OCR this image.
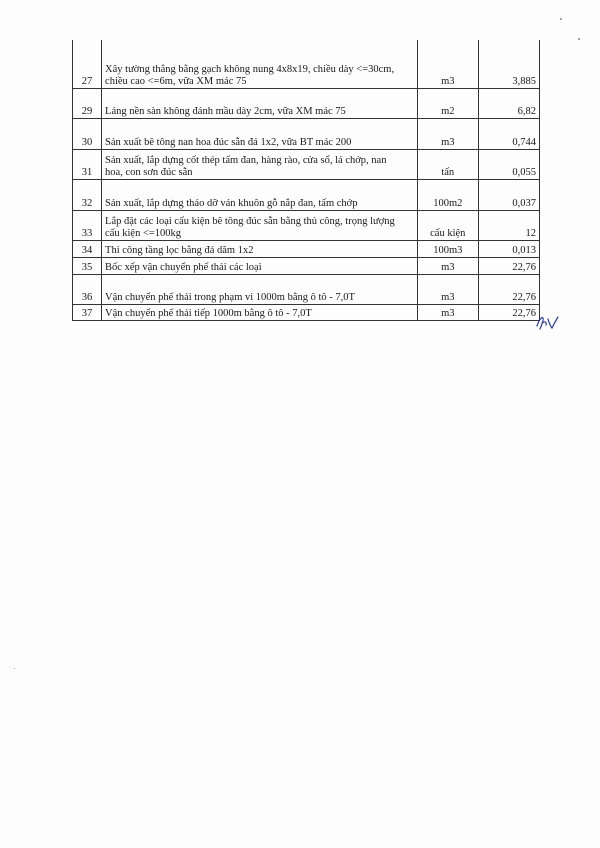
27	Xây tường thẳng bằng gạch không nung 4x8x19, chiều dày <=30cm,
chiều cao <=6m, vữa XM mác 75	m3	3,885
29	Láng nền sàn không đánh mầu dày 2cm, vữa XM mác 75	m2	6,82
30	Sản xuất bê tông nan hoa đúc sẵn đá 1x2, vữa BT mác 200	m3	0,744
31	Sản xuất, lắp dựng cốt thép tấm đan, hàng rào, cửa sổ, lá chớp, nan
hoa, con sơn đúc sẵn	tấn	0,055
32	Sản xuất, lắp dựng tháo dỡ ván khuôn gỗ nắp đan, tấm chớp	100m2	0,037
33	Lắp đặt các loại cấu kiện bê tông đúc sẵn bằng thủ công, trọng lượng
cấu kiện <=100kg	cấu kiện	12
34	Thi công tầng lọc bằng đá dăm 1x2	100m3	0,013
35	Bốc xếp vận chuyển phế thải các loại	m3	22,76
36	Vận chuyển phế thải trong phạm vi 1000m bằng ô tô - 7,0T	m3	22,76
37	Vận chuyển phế thải tiếp 1000m bằng ô tô - 7,0T	m3	22,76
